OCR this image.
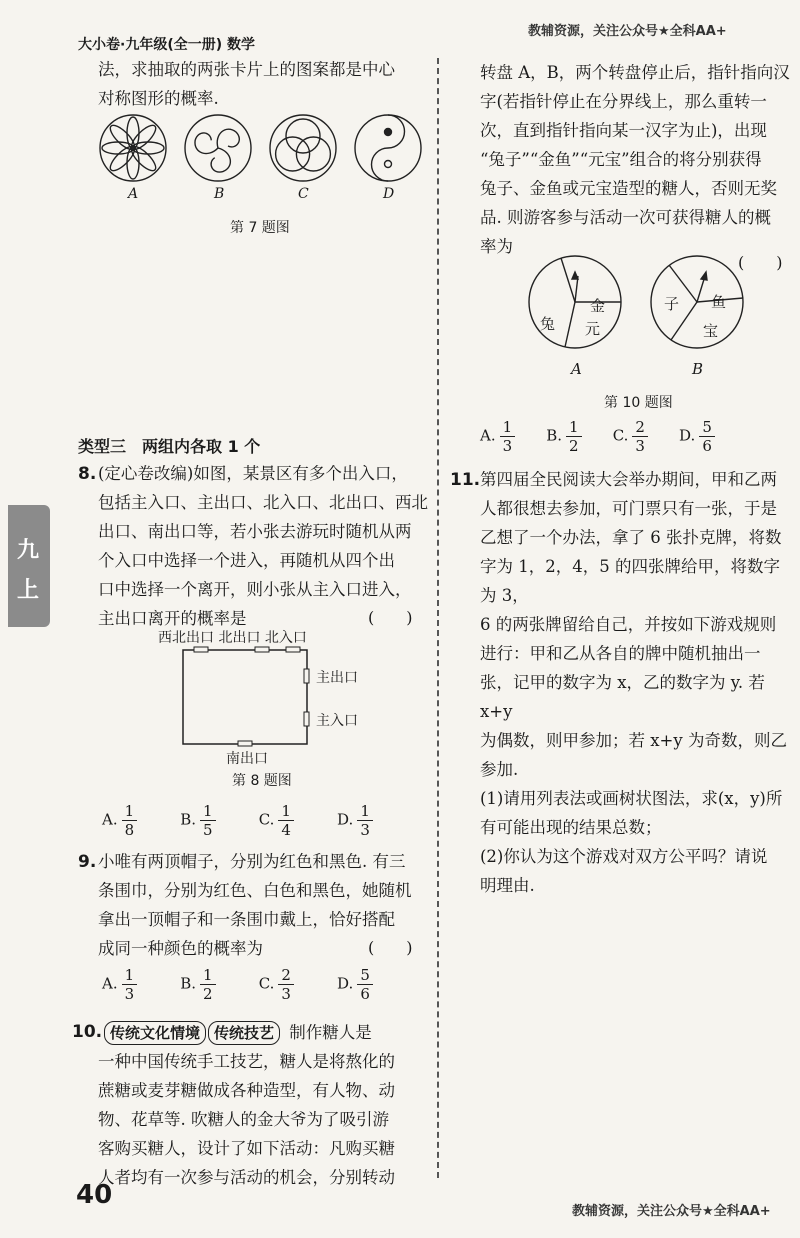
大小卷·九年级(全一册) 数学
教辅资源，关注公众号★全科AA+
九
上
法，求抽取的两张卡片上的图案都是中心
对称图形的概率.
A	B	C	D
第 7 题图
类型三　两组内各取 1 个
8. (定心卷改编)如图，某景区有多个出入口，
包括主入口、主出口、北入口、北出口、西北
出口、南出口等，若小张去游玩时随机从两
个入口中选择一个进入，再随机从四个出
口中选择一个离开，则小张从主入口进入，
主出口离开的概率是	(　　)
西北出口 北出口 北入口
主出口
主入口
南出口
第 8 题图
A. $\frac{1}{8}$	B. $\frac{1}{5}$	C. $\frac{1}{4}$	D. $\frac{1}{3}$
9. 小唯有两顶帽子，分别为红色和黑色. 有三
条围巾，分别为红色、白色和黑色，她随机
拿出一顶帽子和一条围巾戴上，恰好搭配
成同一种颜色的概率为	(　　)
A. $\frac{1}{3}$	B. $\frac{1}{2}$	C. $\frac{2}{3}$	D. $\frac{5}{6}$
10. 传统文化情境 传统技艺 制作糖人是
一种中国传统手工技艺，糖人是将熬化的
蔗糖或麦芽糖做成各种造型，有人物、动
物、花草等. 吹糖人的金大爷为了吸引游
客购买糖人，设计了如下活动：凡购买糖
人者均有一次参与活动的机会，分别转动
40
教辅资源，关注公众号★全科AA+
转盘 A，B，两个转盘停止后，指针指向汉
字(若指针停止在分界线上，那么重转一
次，直到指针指向某一汉字为止)，出现
“兔子”“金鱼”“元宝”组合的将分别获得
兔子、金鱼或元宝造型的糖人，否则无奖
品. 则游客参与活动一次可获得糖人的概
率为
(　　)
兔
金
元
子 鱼
宝
A	B
第 10 题图
A. $\frac{1}{3} B$. $\frac{1}{2} C$. $\frac{2}{3} D$. $\frac{5}{6}$
11. 第四届全民阅读大会举办期间，甲和乙两
人都很想去参加，可门票只有一张，于是
乙想了一个办法，拿了 6 张扑克牌，将数
字为 1，2，4，5 的四张牌给甲，将数字为 3，
6 的两张牌留给自己，并按如下游戏规则
进行：甲和乙从各自的牌中随机抽出一
张，记甲的数字为 x，乙的数字为 y. 若 x+y
为偶数，则甲参加；若 x+y 为奇数，则乙
参加.
(1)请用列表法或画树状图法，求(x，y)所
有可能出现的结果总数；
(2)你认为这个游戏对双方公平吗？请说
明理由.
